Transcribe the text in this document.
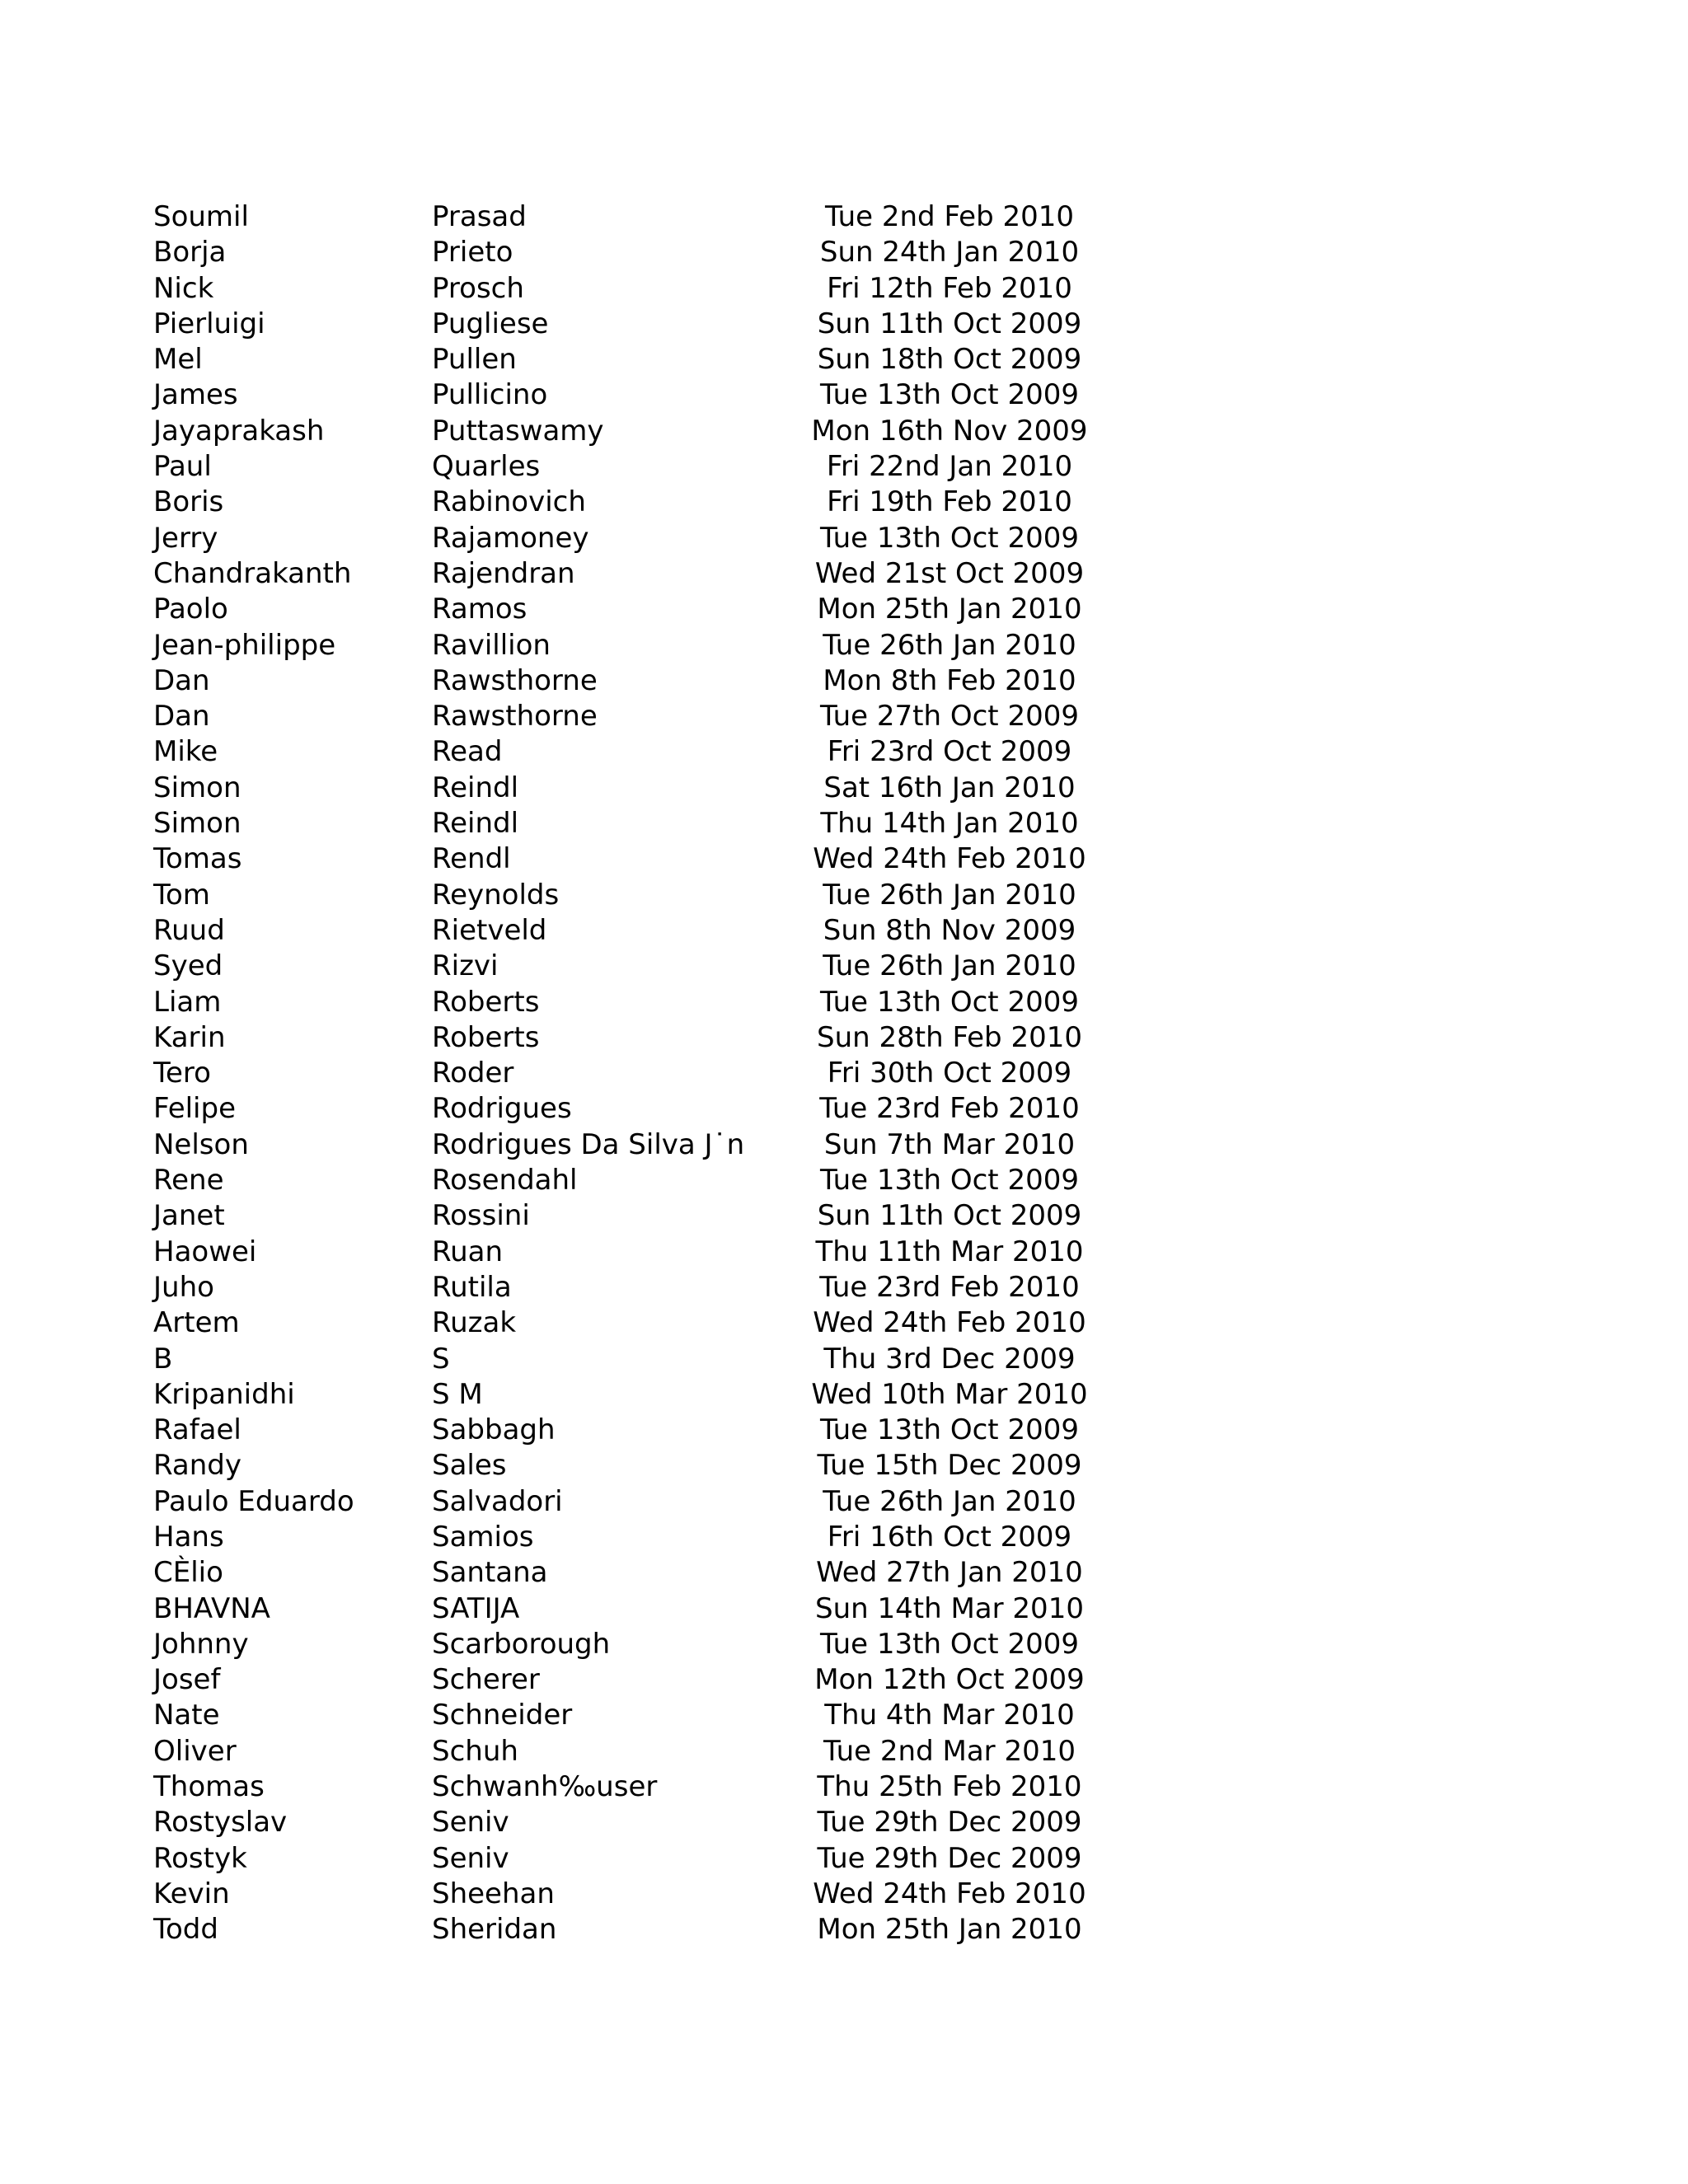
Soumil	Prasad	Tue 2nd Feb 2010
Borja	Prieto	Sun 24th Jan 2010
Nick	Prosch	Fri 12th Feb 2010
Pierluigi	Pugliese	Sun 11th Oct 2009
Mel	Pullen	Sun 18th Oct 2009
James	Pullicino	Tue 13th Oct 2009
Jayaprakash	Puttaswamy	Mon 16th Nov 2009
Paul	Quarles	Fri 22nd Jan 2010
Boris	Rabinovich	Fri 19th Feb 2010
Jerry	Rajamoney	Tue 13th Oct 2009
Chandrakanth	Rajendran	Wed 21st Oct 2009
Paolo	Ramos	Mon 25th Jan 2010
Jean-philippe	Ravillion	Tue 26th Jan 2010
Dan	Rawsthorne	Mon 8th Feb 2010
Dan	Rawsthorne	Tue 27th Oct 2009
Mike	Read	Fri 23rd Oct 2009
Simon	Reindl	Sat 16th Jan 2010
Simon	Reindl	Thu 14th Jan 2010
Tomas	Rendl	Wed 24th Feb 2010
Tom	Reynolds	Tue 26th Jan 2010
Ruud	Rietveld	Sun 8th Nov 2009
Syed	Rizvi	Tue 26th Jan 2010
Liam	Roberts	Tue 13th Oct 2009
Karin	Roberts	Sun 28th Feb 2010
Tero	Roder	Fri 30th Oct 2009
Felipe	Rodrigues	Tue 23rd Feb 2010
Nelson	Rodrigues Da Silva J˙n	Sun 7th Mar 2010
Rene	Rosendahl	Tue 13th Oct 2009
Janet	Rossini	Sun 11th Oct 2009
Haowei	Ruan	Thu 11th Mar 2010
Juho	Rutila	Tue 23rd Feb 2010
Artem	Ruzak	Wed 24th Feb 2010
B	S	Thu 3rd Dec 2009
Kripanidhi	S M	Wed 10th Mar 2010
Rafael	Sabbagh	Tue 13th Oct 2009
Randy	Sales	Tue 15th Dec 2009
Paulo Eduardo	Salvadori	Tue 26th Jan 2010
Hans	Samios	Fri 16th Oct 2009
CÈlio	Santana	Wed 27th Jan 2010
BHAVNA	SATIJA	Sun 14th Mar 2010
Johnny	Scarborough	Tue 13th Oct 2009
Josef	Scherer	Mon 12th Oct 2009
Nate	Schneider	Thu 4th Mar 2010
Oliver	Schuh	Tue 2nd Mar 2010
Thomas	Schwanh‰user	Thu 25th Feb 2010
Rostyslav	Seniv	Tue 29th Dec 2009
Rostyk	Seniv	Tue 29th Dec 2009
Kevin	Sheehan	Wed 24th Feb 2010
Todd	Sheridan	Mon 25th Jan 2010
